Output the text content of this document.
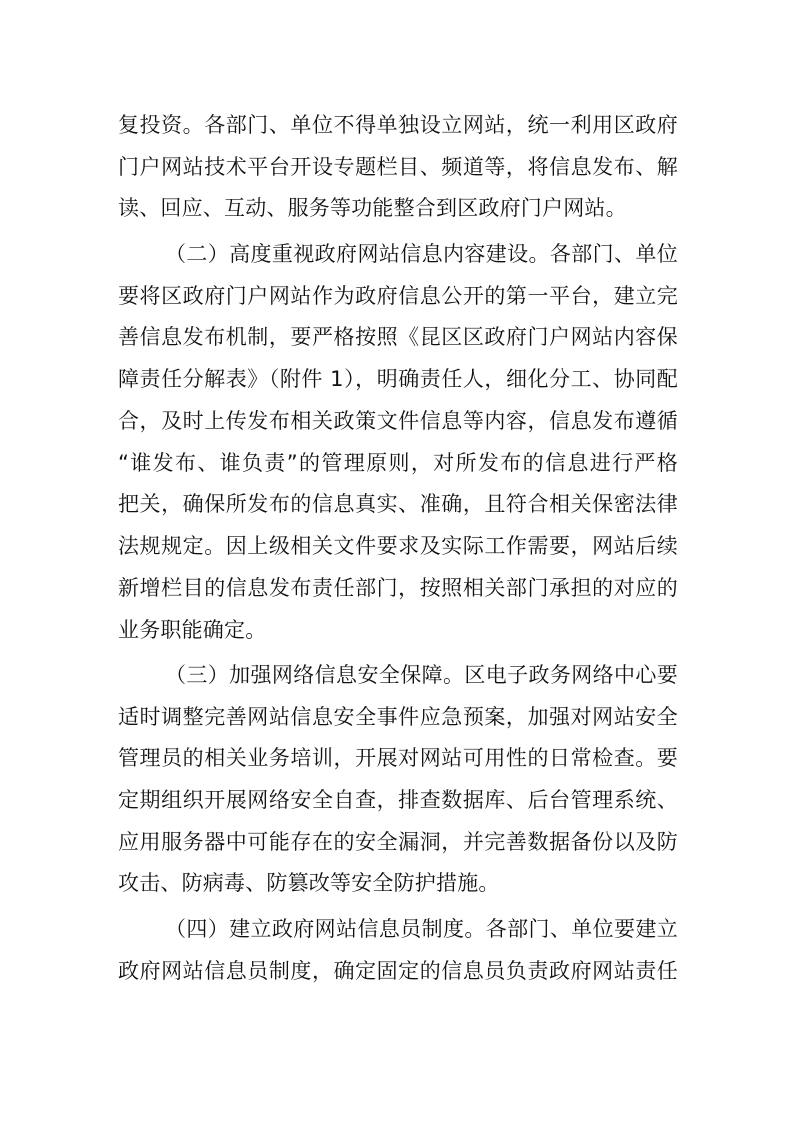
复投资。各部门、单位不得单独设立网站，统一利用区政府
门户网站技术平台开设专题栏目、频道等，将信息发布、解
读、回应、互动、服务等功能整合到区政府门户网站。
（二）高度重视政府网站信息内容建设。各部门、单位
要将区政府门户网站作为政府信息公开的第一平台，建立完
善信息发布机制，要严格按照《昆区区政府门户网站内容保
障责任分解表》（附件 1），明确责任人，细化分工、协同配
合，及时上传发布相关政策文件信息等内容，信息发布遵循
“谁发布、谁负责”的管理原则，对所发布的信息进行严格
把关，确保所发布的信息真实、准确，且符合相关保密法律
法规规定。因上级相关文件要求及实际工作需要，网站后续
新增栏目的信息发布责任部门，按照相关部门承担的对应的
业务职能确定。
（三）加强网络信息安全保障。区电子政务网络中心要
适时调整完善网站信息安全事件应急预案，加强对网站安全
管理员的相关业务培训，开展对网站可用性的日常检查。要
定期组织开展网络安全自查，排查数据库、后台管理系统、
应用服务器中可能存在的安全漏洞，并完善数据备份以及防
攻击、防病毒、防篡改等安全防护措施。
（四）建立政府网站信息员制度。各部门、单位要建立
政府网站信息员制度，确定固定的信息员负责政府网站责任
